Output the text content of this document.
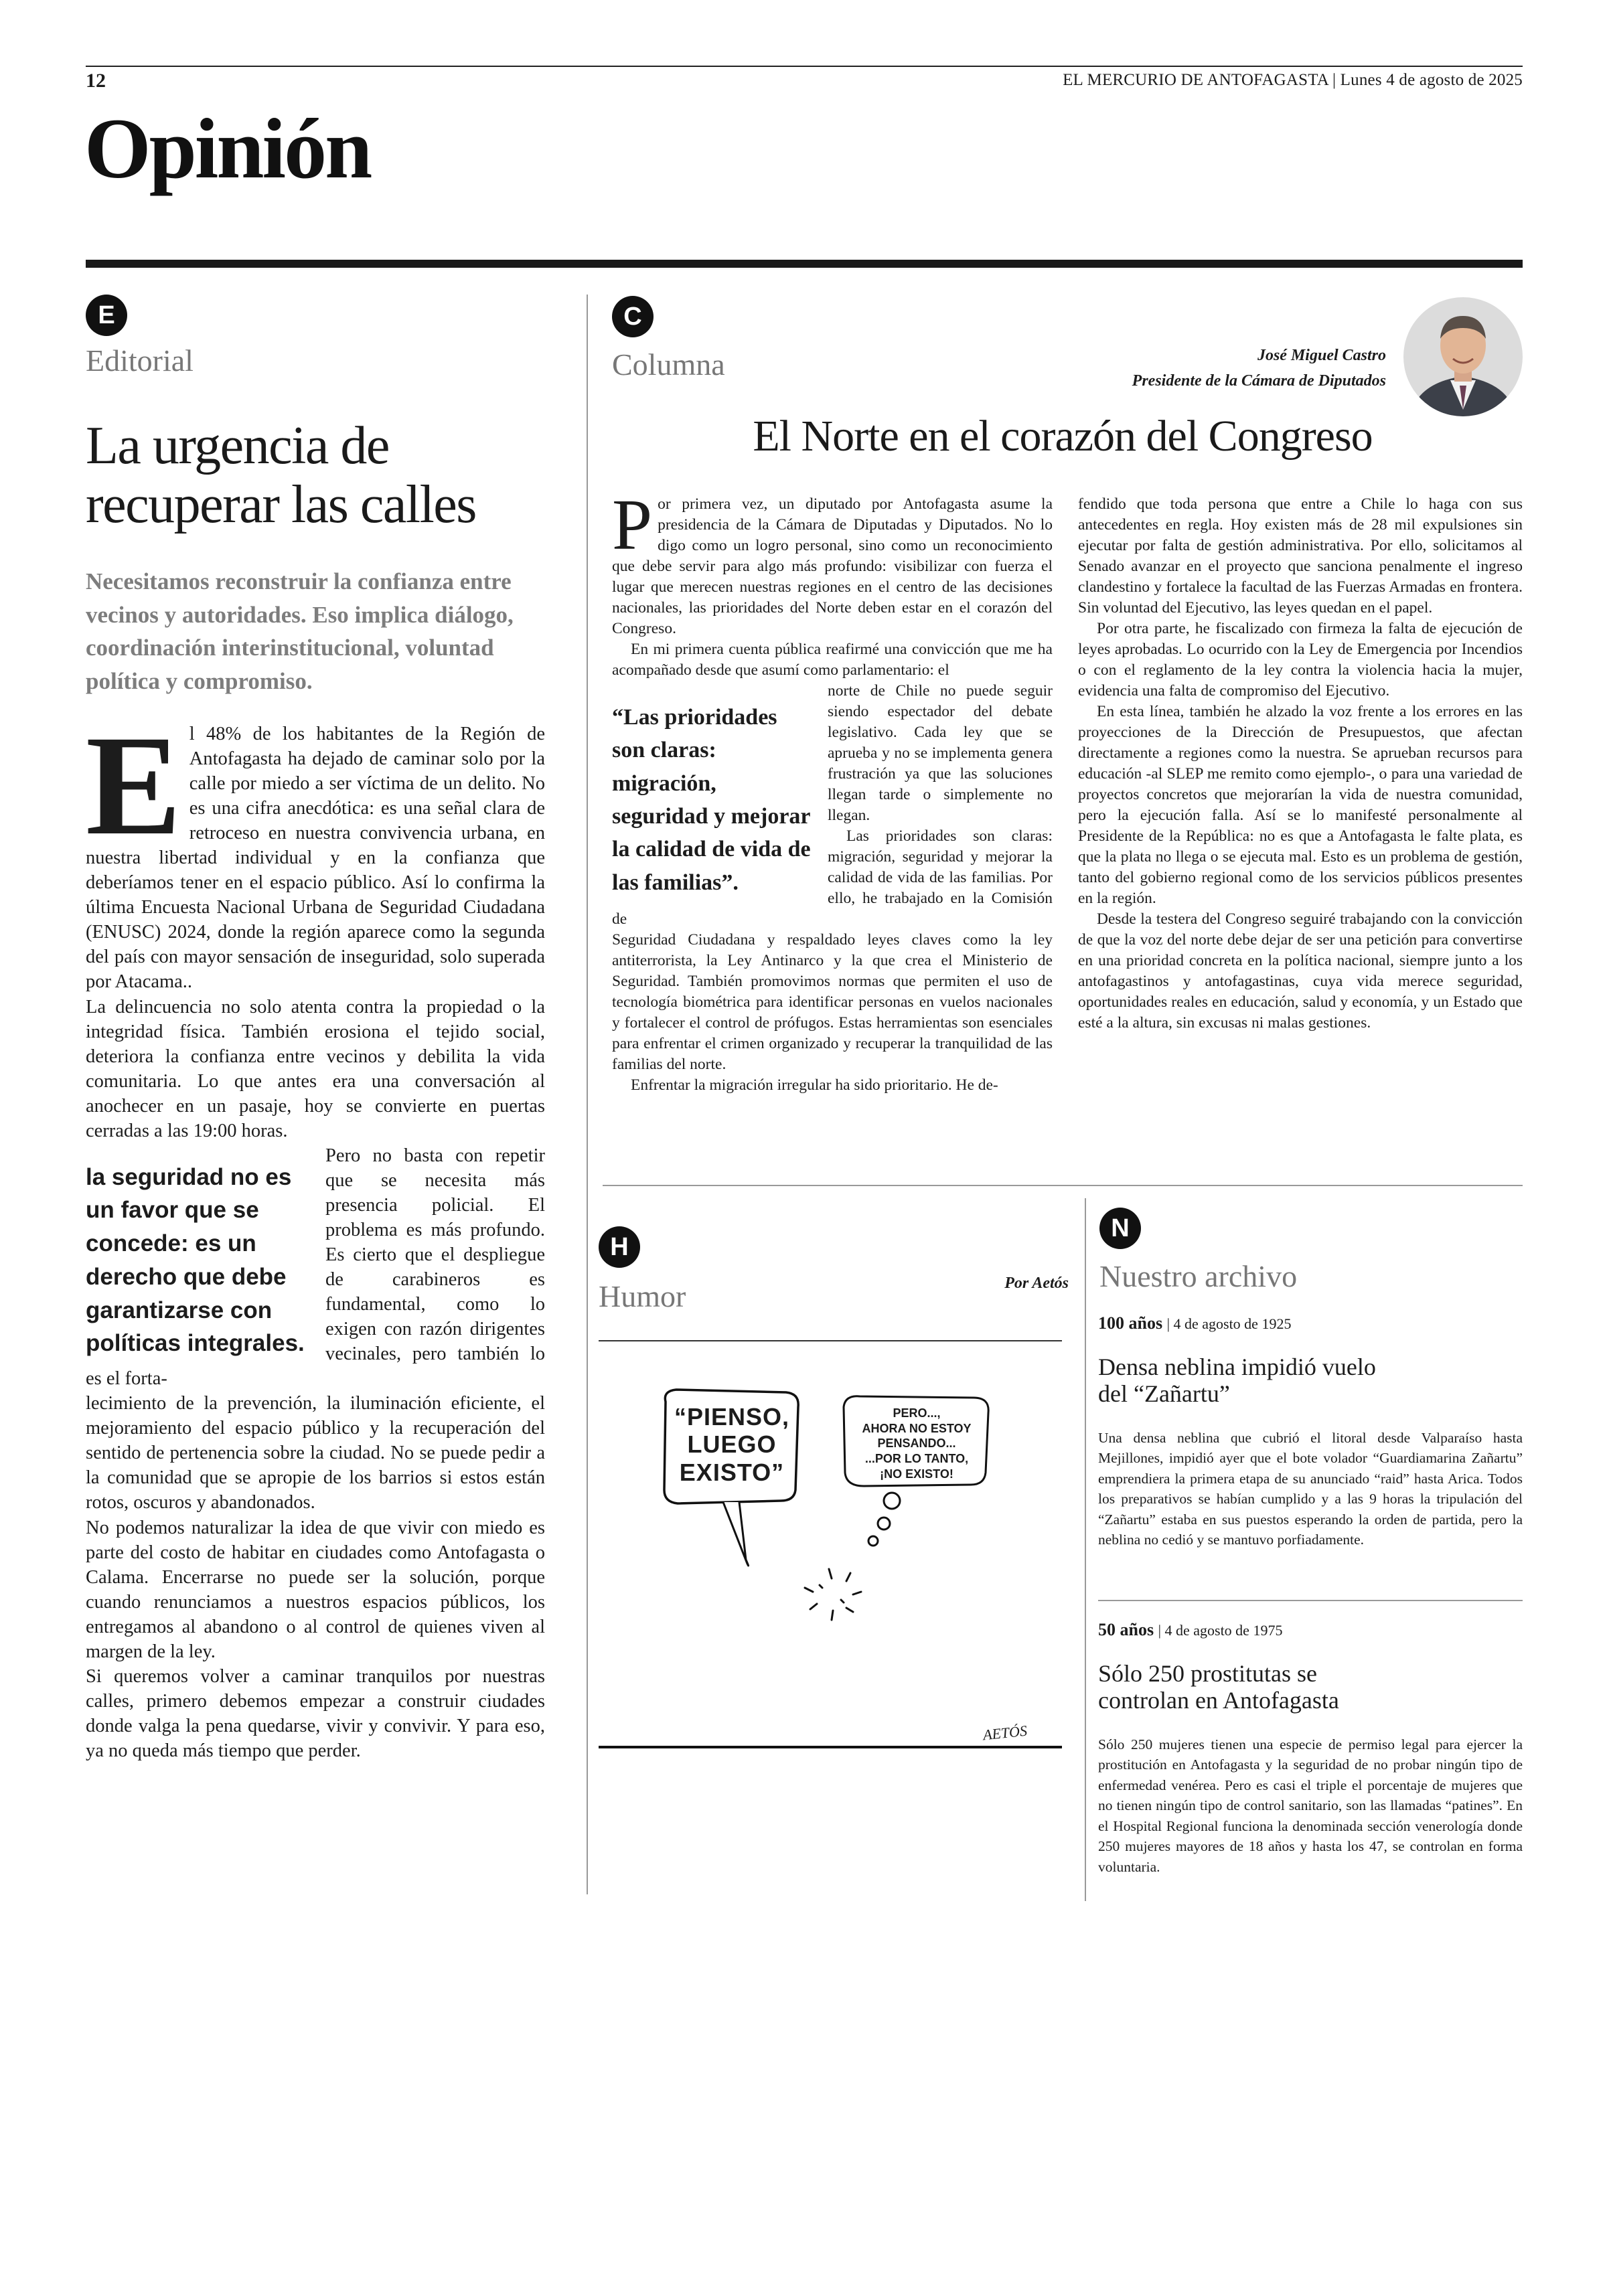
12	EL MERCURIO DE ANTOFAGASTA | Lunes 4 de agosto de 2025
Opinión
E
Editorial
La urgencia de recuperar las calles
Necesitamos reconstruir la confianza entre vecinos y autoridades. Eso implica diálogo, coordinación interinstitucional, voluntad política y compromiso.

E l 48% de los habitantes de la Región de Antofagasta ha dejado de caminar solo por la calle por miedo a ser víctima de un delito. No es una cifra anecdótica: es una señal clara de retroceso en nuestra convivencia urbana, en nuestra libertad individual y en la confianza que deberíamos tener en el espacio público. Así lo confirma la última Encuesta Nacional Urbana de Seguridad Ciudadana (ENUSC) 2024, donde la región aparece como la segunda del país con mayor sensación de inseguridad, solo superada por Atacama..

La delincuencia no solo atenta contra la propiedad o la integridad física. También erosiona el tejido social, deteriora la confianza entre vecinos y debilita la vida comunitaria. Lo que antes era una conversación al anochecer en un pasaje, hoy se convierte en puertas cerradas a las 19:00 horas.

la seguridad no es un favor que se concede: es un derecho que debe garantizarse con políticas integrales.

Pero no basta con repetir que se necesita más presencia policial. El problema es más profundo. Es cierto que el despliegue de carabineros es fundamental, como lo exigen con razón dirigentes vecinales, pero también lo es el forta-

lecimiento de la prevención, la iluminación eficiente, el mejoramiento del espacio público y la recuperación del sentido de pertenencia sobre la ciudad. No se puede pedir a la comunidad que se apropie de los barrios si estos están rotos, oscuros y abandonados.

No podemos naturalizar la idea de que vivir con miedo es parte del costo de habitar en ciudades como Antofagasta o Calama. Encerrarse no puede ser la solución, porque cuando renunciamos a nuestros espacios públicos, los entregamos al abandono o al control de quienes viven al margen de la ley.

Si queremos volver a caminar tranquilos por nuestras calles, primero debemos empezar a construir ciudades donde valga la pena quedarse, vivir y convivir. Y para eso, ya no queda más tiempo que perder.

C
Columna	José Miguel Castro
Presidente de la Cámara de Diputados
El Norte en el corazón del Congreso

P or primera vez, un diputado por Antofagasta asume la presidencia de la Cámara de Diputadas y Diputados. No lo digo como un logro personal, sino como un reconocimiento que debe servir para algo más profundo: visibilizar con fuerza el lugar que merecen nuestras regiones en el centro de las decisiones nacionales, las prioridades del Norte deben estar en el corazón del Congreso.

En mi primera cuenta pública reafirmé una convicción que me ha acompañado desde que asumí como parlamentario: el

“Las prioridades son claras: migración, seguridad y mejorar la calidad de vida de las familias”.

norte de Chile no puede seguir siendo espectador del debate legislativo. Cada ley que se aprueba y no se implementa genera frustración ya que las soluciones llegan tarde o simplemente no llegan.

Las prioridades son claras: migración, seguridad y mejorar la calidad de vida de las familias. Por ello, he trabajado en la Comisión de

Seguridad Ciudadana y respaldado leyes claves como la ley antiterrorista, la Ley Antinarco y la que crea el Ministerio de Seguridad. También promovimos normas que permiten el uso de tecnología biométrica para identificar personas en vuelos nacionales y fortalecer el control de prófugos. Estas herramientas son esenciales para enfrentar el crimen organizado y recuperar la tranquilidad de las familias del norte.

Enfrentar la migración irregular ha sido prioritario. He de-

fendido que toda persona que entre a Chile lo haga con sus antecedentes en regla. Hoy existen más de 28 mil expulsiones sin ejecutar por falta de gestión administrativa. Por ello, solicitamos al Senado avanzar en el proyecto que sanciona penalmente el ingreso clandestino y fortalece la facultad de las Fuerzas Armadas en frontera. Sin voluntad del Ejecutivo, las leyes quedan en el papel.

Por otra parte, he fiscalizado con firmeza la falta de ejecución de leyes aprobadas. Lo ocurrido con la Ley de Emergencia por Incendios o con el reglamento de la ley contra la violencia hacia la mujer, evidencia una falta de compromiso del Ejecutivo.

En esta línea, también he alzado la voz frente a los errores en las proyecciones de la Dirección de Presupuestos, que afectan directamente a regiones como la nuestra. Se aprueban recursos para educación -al SLEP me remito como ejemplo-, o para una variedad de proyectos concretos que mejorarían la vida de nuestra comunidad, pero la ejecución falla. Así se lo manifesté personalmente al Presidente de la República: no es que a Antofagasta le falte plata, es que la plata no llega o se ejecuta mal. Esto es un problema de gestión, tanto del gobierno regional como de los servicios públicos presentes en la región.

Desde la testera del Congreso seguiré trabajando con la convicción de que la voz del norte debe dejar de ser una petición para convertirse en una prioridad concreta en la política nacional, siempre junto a los antofagastinos y antofagastinas, cuya vida merece seguridad, oportunidades reales en educación, salud y economía, y un Estado que esté a la altura, sin excusas ni malas gestiones.

H
Humor	Por Aetós
“PIENSO,
LUEGO
EXISTO”
PERO...,
AHORA NO ESTOY
PENSANDO...
...POR LO TANTO,
¡NO EXISTO!
AETÓS
N
Nuestro archivo
100 años | 4 de agosto de 1925
Densa neblina impidió vuelo del “Zañartu”
Una densa neblina que cubrió el litoral desde Valparaíso hasta Mejillones, impidió ayer que el bote volador “Guardiamarina Zañartu” emprendiera la primera etapa de su anunciado “raid” hasta Arica. Todos los preparativos se habían cumplido y a las 9 horas la tripulación del “Zañartu” estaba en sus puestos esperando la orden de partida, pero la neblina no cedió y se mantuvo porfiadamente.
50 años | 4 de agosto de 1975
Sólo 250 prostitutas se controlan en Antofagasta
Sólo 250 mujeres tienen una especie de permiso legal para ejercer la prostitución en Antofagasta y la seguridad de no probar ningún tipo de enfermedad venérea. Pero es casi el triple el porcentaje de mujeres que no tienen ningún tipo de control sanitario, son las llamadas “patines”. En el Hospital Regional funciona la denominada sección venerología donde 250 mujeres mayores de 18 años y hasta los 47, se controlan en forma voluntaria.
